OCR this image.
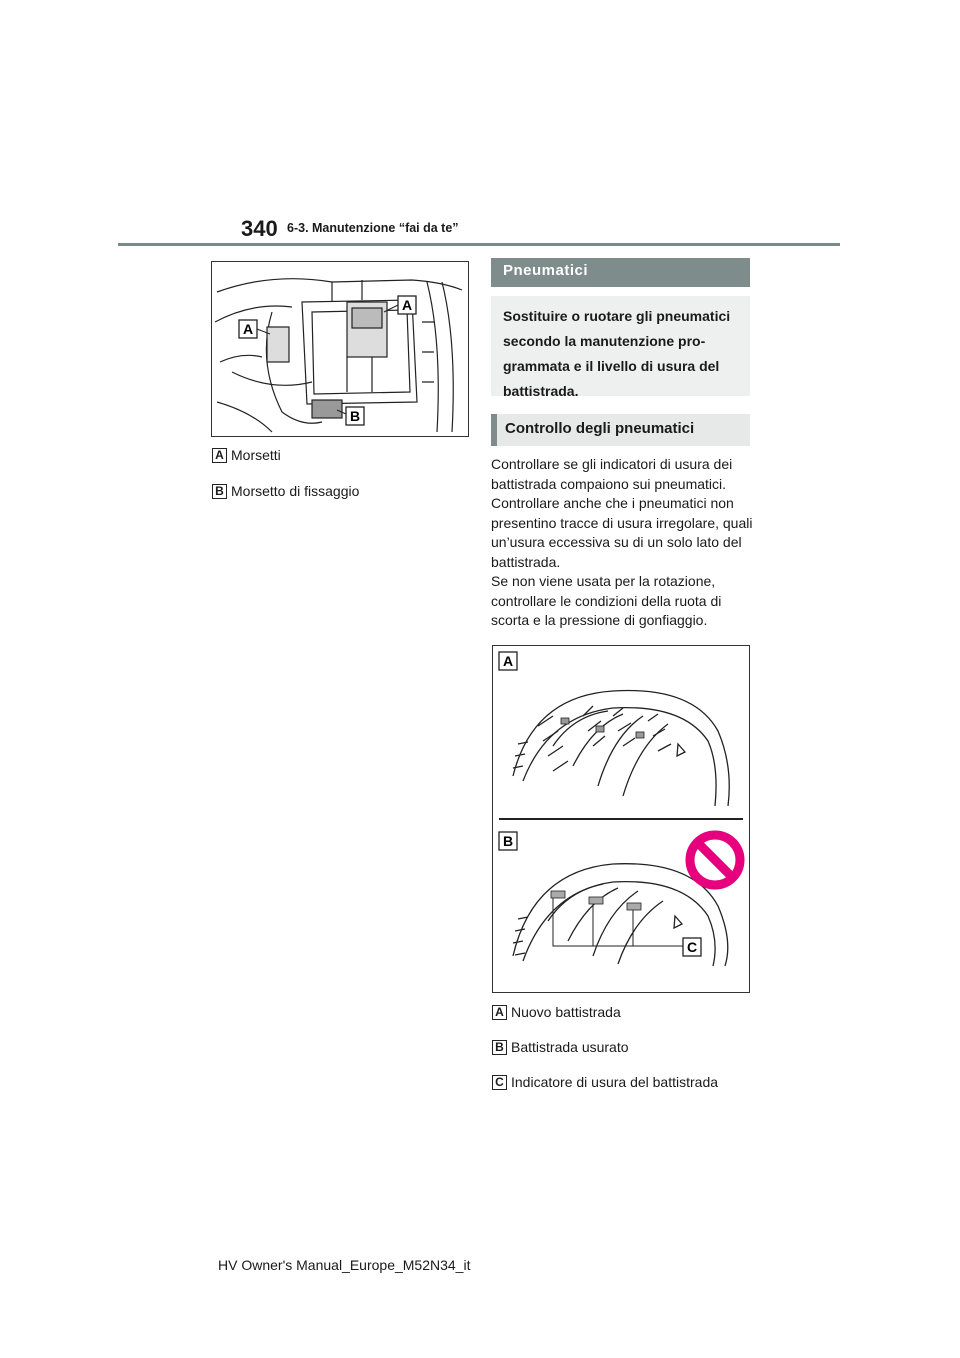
340 6-3. Manutenzione “fai da te”
A
A
B
A Morsetti
B Morsetto di fissaggio
Pneumatici
Sostituire o ruotare gli pneumatici secondo la manutenzione pro-grammata e il livello di usura del battistrada.
Controllo degli pneumatici
Controllare se gli indicatori di usura dei battistrada compaiono sui pneumatici. Controllare anche che i pneumatici non presentino tracce di usura irregolare, quali un’usura eccessiva su di un solo lato del battistrada.
Se non viene usata per la rotazione, controllare le condizioni della ruota di scorta e la pressione di gonfiaggio.
A
B
C
A Nuovo battistrada
B Battistrada usurato
C Indicatore di usura del battistrada
HV Owner's Manual_Europe_M52N34_it
